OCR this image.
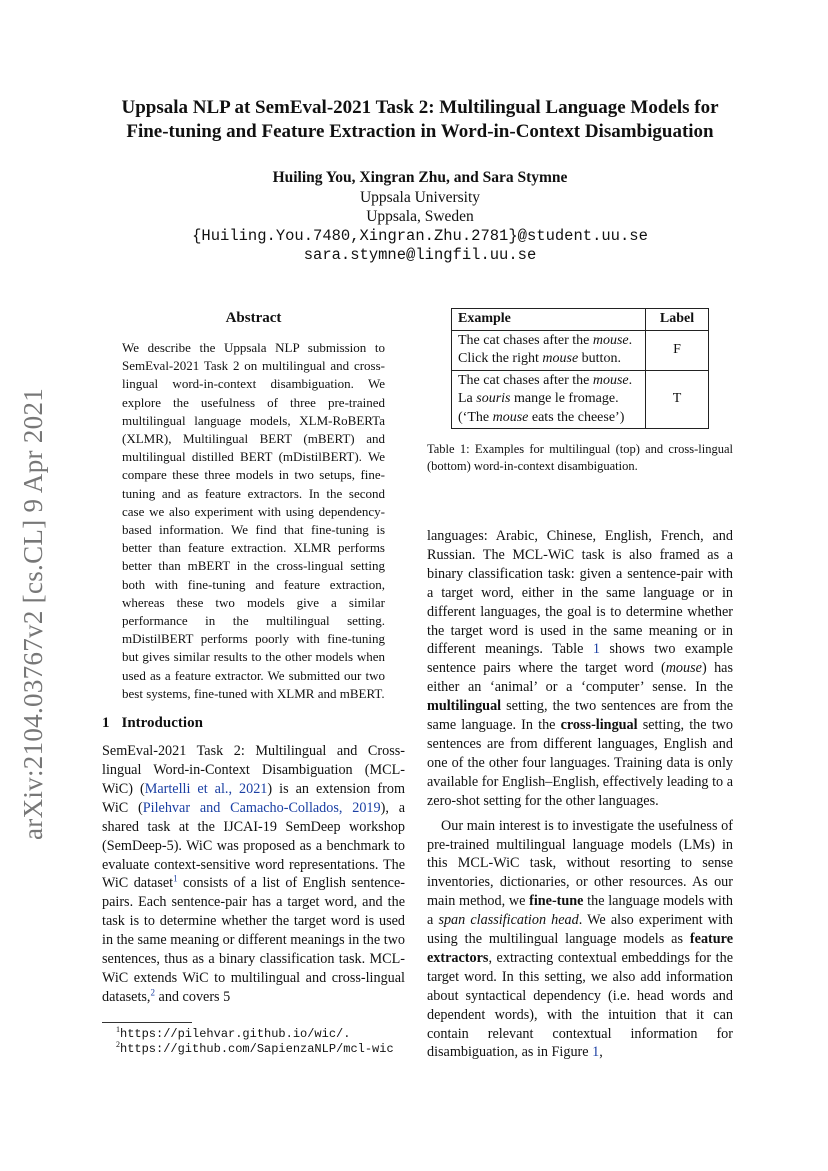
Uppsala NLP at SemEval-2021 Task 2: Multilingual Language Models for
Fine-tuning and Feature Extraction in Word-in-Context Disambiguation
Huiling You, Xingran Zhu, and Sara Stymne
Uppsala University
Uppsala, Sweden
{Huiling.You.7480,Xingran.Zhu.2781}@student.uu.se
sara.stymne@lingfil.uu.se
arXiv:2104.03767v2 [cs.CL] 9 Apr 2021
Abstract

We describe the Uppsala NLP submission to SemEval-2021 Task 2 on multilingual and cross-lingual word-in-context disambiguation. We explore the usefulness of three pre-trained multilingual language models, XLM-RoBERTa (XLMR), Multilingual BERT (mBERT) and multilingual distilled BERT (mDistilBERT). We compare these three models in two setups, fine-tuning and as feature extractors. In the second case we also experiment with using dependency-based information. We find that fine-tuning is better than feature extraction. XLMR performs better than mBERT in the cross-lingual setting both with fine-tuning and feature extraction, whereas these two models give a similar performance in the multilingual setting. mDistilBERT performs poorly with fine-tuning but gives similar results to the other models when used as a feature extractor. We submitted our two best systems, fine-tuned with XLMR and mBERT.

1 Introduction

SemEval-2021 Task 2: Multilingual and Cross-lingual Word-in-Context Disambiguation (MCL-WiC) (Martelli et al., 2021) is an extension from WiC (Pilehvar and Camacho-Collados, 2019), a shared task at the IJCAI-19 SemDeep workshop (SemDeep-5). WiC was proposed as a benchmark to evaluate context-sensitive word representations. The WiC dataset$^1$ consists of a list of English sentence-pairs. Each sentence-pair has a target word, and the task is to determine whether the target word is used in the same meaning or different meanings in the two sentences, thus as a binary classification task. MCL-WiC extends WiC to multilingual and cross-lingual datasets,$^2$ and covers 5

$^1$https://pilehvar.github.io/wic/.
$^2$https://github.com/SapienzaNLP/mcl-wic
Example	Label
The cat chases after the mouse.
Click the right mouse button.	F
The cat chases after the mouse.
La souris mange le fromage.
(‘The mouse eats the cheese’)	T

Table 1: Examples for multilingual (top) and cross-lingual (bottom) word-in-context disambiguation.

languages: Arabic, Chinese, English, French, and Russian. The MCL-WiC task is also framed as a binary classification task: given a sentence-pair with a target word, either in the same language or in different languages, the goal is to determine whether the target word is used in the same meaning or in different meanings. Table 1 shows two example sentence pairs where the target word (mouse) has either an ‘animal’ or a ‘computer’ sense. In the multilingual setting, the two sentences are from the same language. In the cross-lingual setting, the two sentences are from different languages, English and one of the other four languages. Training data is only available for English–English, effectively leading to a zero-shot setting for the other languages.

Our main interest is to investigate the usefulness of pre-trained multilingual language models (LMs) in this MCL-WiC task, without resorting to sense inventories, dictionaries, or other resources. As our main method, we fine-tune the language models with a span classification head. We also experiment with using the multilingual language models as feature extractors, extracting contextual embeddings for the target word. In this setting, we also add information about syntactical dependency (i.e. head words and dependent words), with the intuition that it can contain relevant contextual information for disambiguation, as in Figure 1,
